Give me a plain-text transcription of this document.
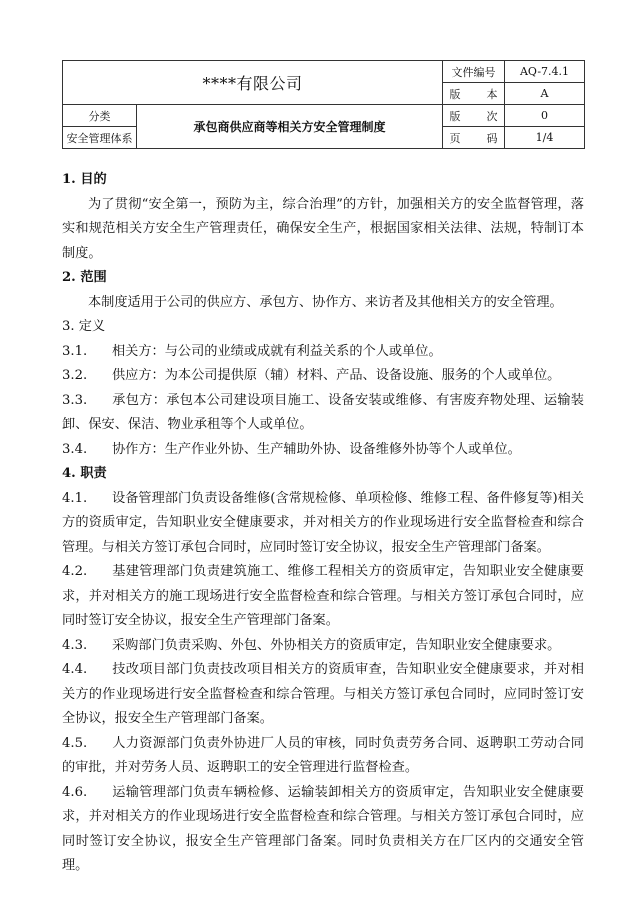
****有限公司		文件编号	AQ-7.4.1
		版 本	A
分类	承包商供应商等相关方安全管理制度	版 次	0
安全管理体系		页 码	1/4

1. 目的

为了贯彻“安全第一，预防为主，综合治理”的方针，加强相关方的安全监督管理，落实和规范相关方安全生产管理责任，确保安全生产，根据国家相关法律、法规，特制订本制度。

2. 范围

本制度适用于公司的供应方、承包方、协作方、来访者及其他相关方的安全管理。

3. 定义

3.1. 相关方：与公司的业绩或成就有利益关系的个人或单位。

3.2. 供应方：为本公司提供原（辅）材料、产品、设备设施、服务的个人或单位。

3.3. 承包方：承包本公司建设项目施工、设备安装或维修、有害废弃物处理、运输装卸、保安、保洁、物业承租等个人或单位。

3.4. 协作方：生产作业外协、生产辅助外协、设备维修外协等个人或单位。

4. 职责

4.1. 设备管理部门负责设备维修(含常规检修、单项检修、维修工程、备件修复等)相关方的资质审定，告知职业安全健康要求，并对相关方的作业现场进行安全监督检查和综合管理。与相关方签订承包合同时，应同时签订安全协议，报安全生产管理部门备案。

4.2. 基建管理部门负责建筑施工、维修工程相关方的资质审定，告知职业安全健康要求，并对相关方的施工现场进行安全监督检查和综合管理。与相关方签订承包合同时，应同时签订安全协议，报安全生产管理部门备案。

4.3. 采购部门负责采购、外包、外协相关方的资质审定，告知职业安全健康要求。

4.4. 技改项目部门负责技改项目相关方的资质审查，告知职业安全健康要求，并对相关方的作业现场进行安全监督检查和综合管理。与相关方签订承包合同时，应同时签订安全协议，报安全生产管理部门备案。

4.5. 人力资源部门负责外协进厂人员的审核，同时负责劳务合同、返聘职工劳动合同的审批，并对劳务人员、返聘职工的安全管理进行监督检查。

4.6. 运输管理部门负责车辆检修、运输装卸相关方的资质审定，告知职业安全健康要求，并对相关方的作业现场进行安全监督检查和综合管理。与相关方签订承包合同时，应同时签订安全协议，报安全生产管理部门备案。同时负责相关方在厂区内的交通安全管理。
